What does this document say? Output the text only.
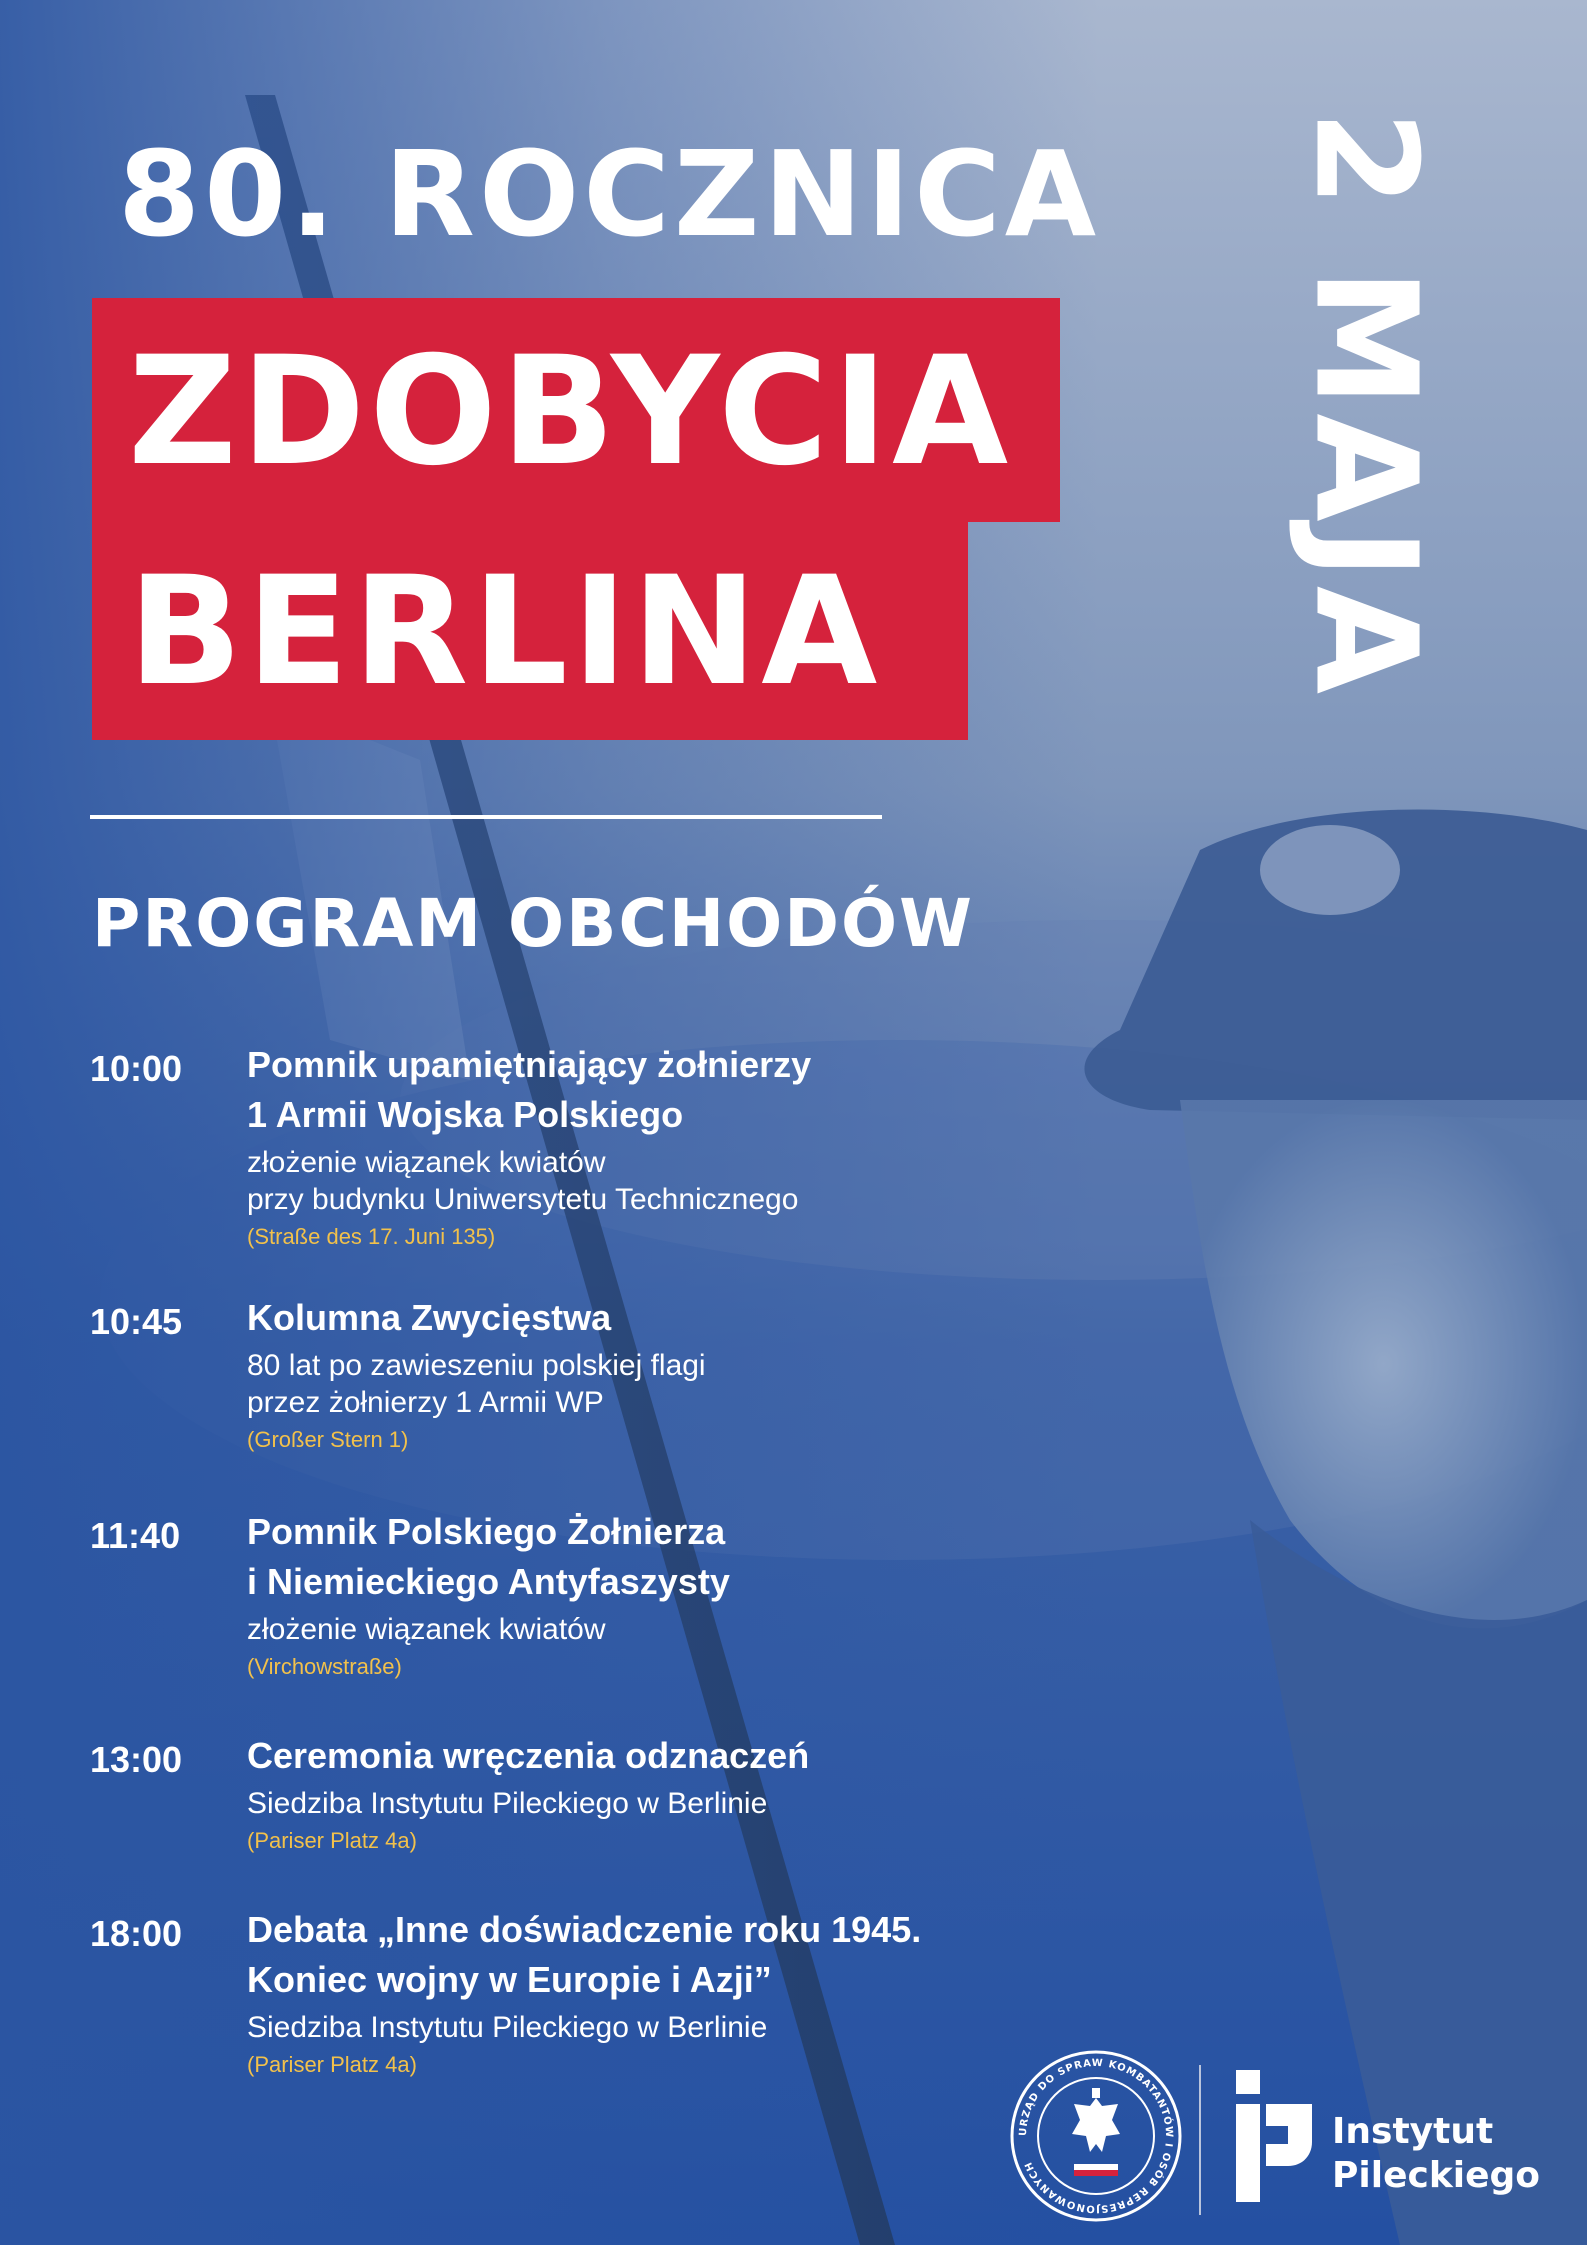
80. ROCZNICA
ZDOBYCIA
BERLINA	2 MAJA
PROGRAM OBCHODÓW
10:00 Pomnik upamiętniający żołnierzy
1 Armii Wojska Polskiego
złożenie wiązanek kwiatów
przy budynku Uniwersytetu Technicznego
(Straße des 17. Juni 135)
10:45 Kolumna Zwycięstwa
80 lat po zawieszeniu polskiej flagi
przez żołnierzy 1 Armii WP
(Großer Stern 1)
11:40 Pomnik Polskiego Żołnierza
i Niemieckiego Antyfaszysty
złożenie wiązanek kwiatów
(Virchowstraße)
13:00 Ceremonia wręczenia odznaczeń
Siedziba Instytutu Pileckiego w Berlinie
(Pariser Platz 4a)
18:00 Debata „Inne doświadczenie roku 1945.
Koniec wojny w Europie i Azji”
Siedziba Instytutu Pileckiego w Berlinie
(Pariser Platz 4a)
URZĄD DO SPRAW KOMBATANTÓW I OSÓB REPRESJONOWANYCH
Instytut
Pileckiego
